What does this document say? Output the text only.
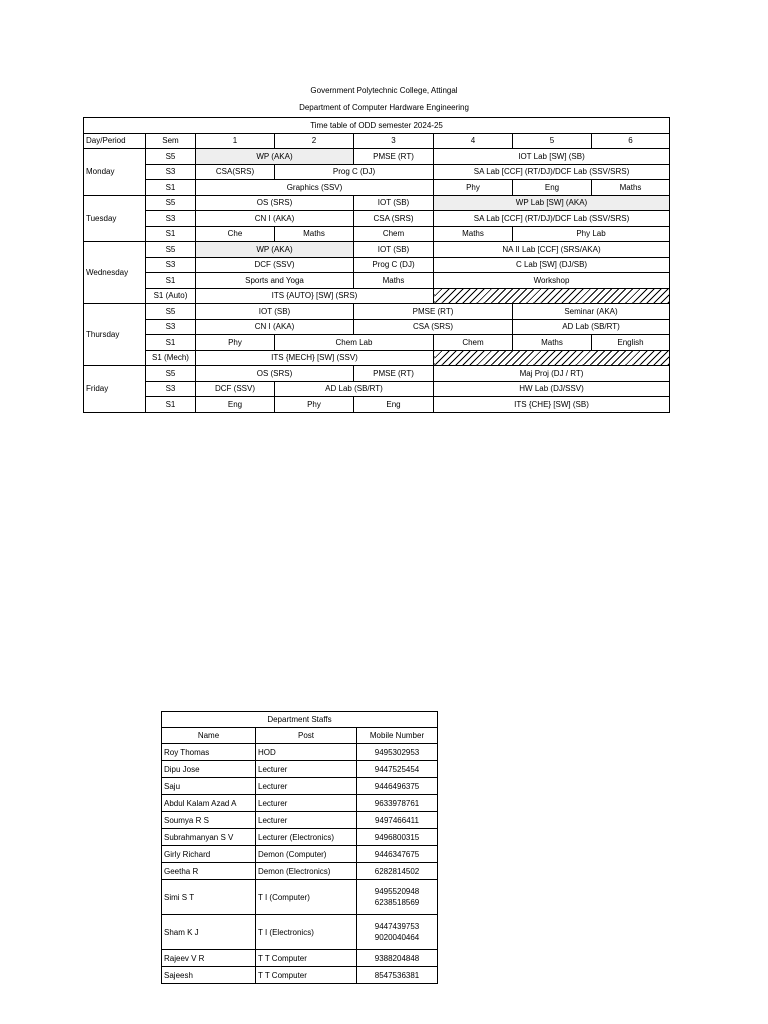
Government Polytechnic College, Attingal
Department of Computer Hardware Engineering
Time table of ODD semester 2024-25							
Day/Period	Sem	1	2	3	4	5	6
Monday	S5	WP (AKA)		PMSE (RT)	IOT Lab [SW] (SB)		
	S3	CSA(SRS)	Prog C (DJ)		SA Lab [CCF] (RT/DJ)/DCF Lab (SSV/SRS)		
	S1	Graphics (SSV)			Phy	Eng	Maths
Tuesday	S5	OS (SRS)		IOT (SB)	WP Lab [SW] (AKA)		
	S3	CN I (AKA)		CSA (SRS)	SA Lab [CCF] (RT/DJ)/DCF Lab (SSV/SRS)		
	S1	Che	Maths	Chem	Maths	Phy Lab	
Wednesday	S5	WP (AKA)		IOT (SB)	NA II Lab [CCF] (SRS/AKA)		
	S3	DCF (SSV)		Prog C (DJ)	C Lab [SW] (DJ/SB)		
	S1	Sports and Yoga		Maths	Workshop		
	S1 (Auto)	ITS {AUTO} [SW] (SRS)					
Thursday	S5	IOT (SB)		PMSE (RT)		Seminar (AKA)	
	S3	CN I (AKA)		CSA (SRS)		AD Lab (SB/RT)	
	S1	Phy	Chem Lab		Chem	Maths	English
	S1 (Mech)	ITS {MECH} [SW] (SSV)					
Friday	S5	OS (SRS)		PMSE (RT)	Maj Proj (DJ / RT)		
	S3	DCF (SSV)	AD Lab (SB/RT)		HW Lab (DJ/SSV)		
	S1	Eng	Phy	Eng	ITS {CHE} [SW] (SB)		
Department Staffs		
Name	Post	Mobile Number
Roy Thomas	HOD	9495302953

Dipu Jose	Lecturer	9447525454

Saju	Lecturer	9446496375

Abdul Kalam Azad A	Lecturer	9633978761

Soumya R S	Lecturer	9497466411

Subrahmanyan S V	Lecturer (Electronics)	9496800315

Girly Richard	Demon (Computer)	9446347675

Geetha R	Demon (Electronics)	6282814502

Simi S T	T I (Computer)	9495520948
6238518569

Sham K J	T I (Electronics)	9447439753
9020040464

Rajeev V R	T T Computer	9388204848

Sajeesh	T T Computer	8547536381
